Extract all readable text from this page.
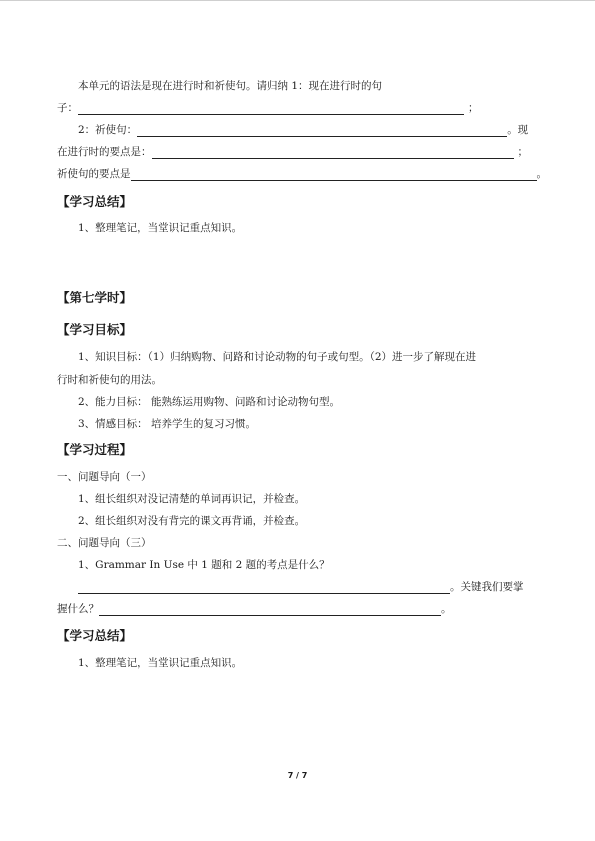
本单元的语法是现在进行时和祈使句。请归纳 1：现在进行时的句
子：	；
2：祈使句：	。现
在进行时的要点是：	；
祈使句的要点是	。
【学习总结】
1、整理笔记，当堂识记重点知识。
【第七学时】
【学习目标】
1、知识目标：（1）归纳购物、问路和讨论动物的句子或句型。（2）进一步了解现在进
行时和祈使句的用法。
2、能力目标： 能熟练运用购物、问路和讨论动物句型。
3、情感目标： 培养学生的复习习惯。
【学习过程】
一、问题导向（一）
1、组长组织对没记清楚的单词再识记，并检查。
2、组长组织对没有背完的课文再背诵，并检查。
二、问题导向（三）
1、Grammar In Use 中 1 题和 2 题的考点是什么？
。关键我们要掌
握什么？	。
【学习总结】
1、整理笔记，当堂识记重点知识。
7 / 7
